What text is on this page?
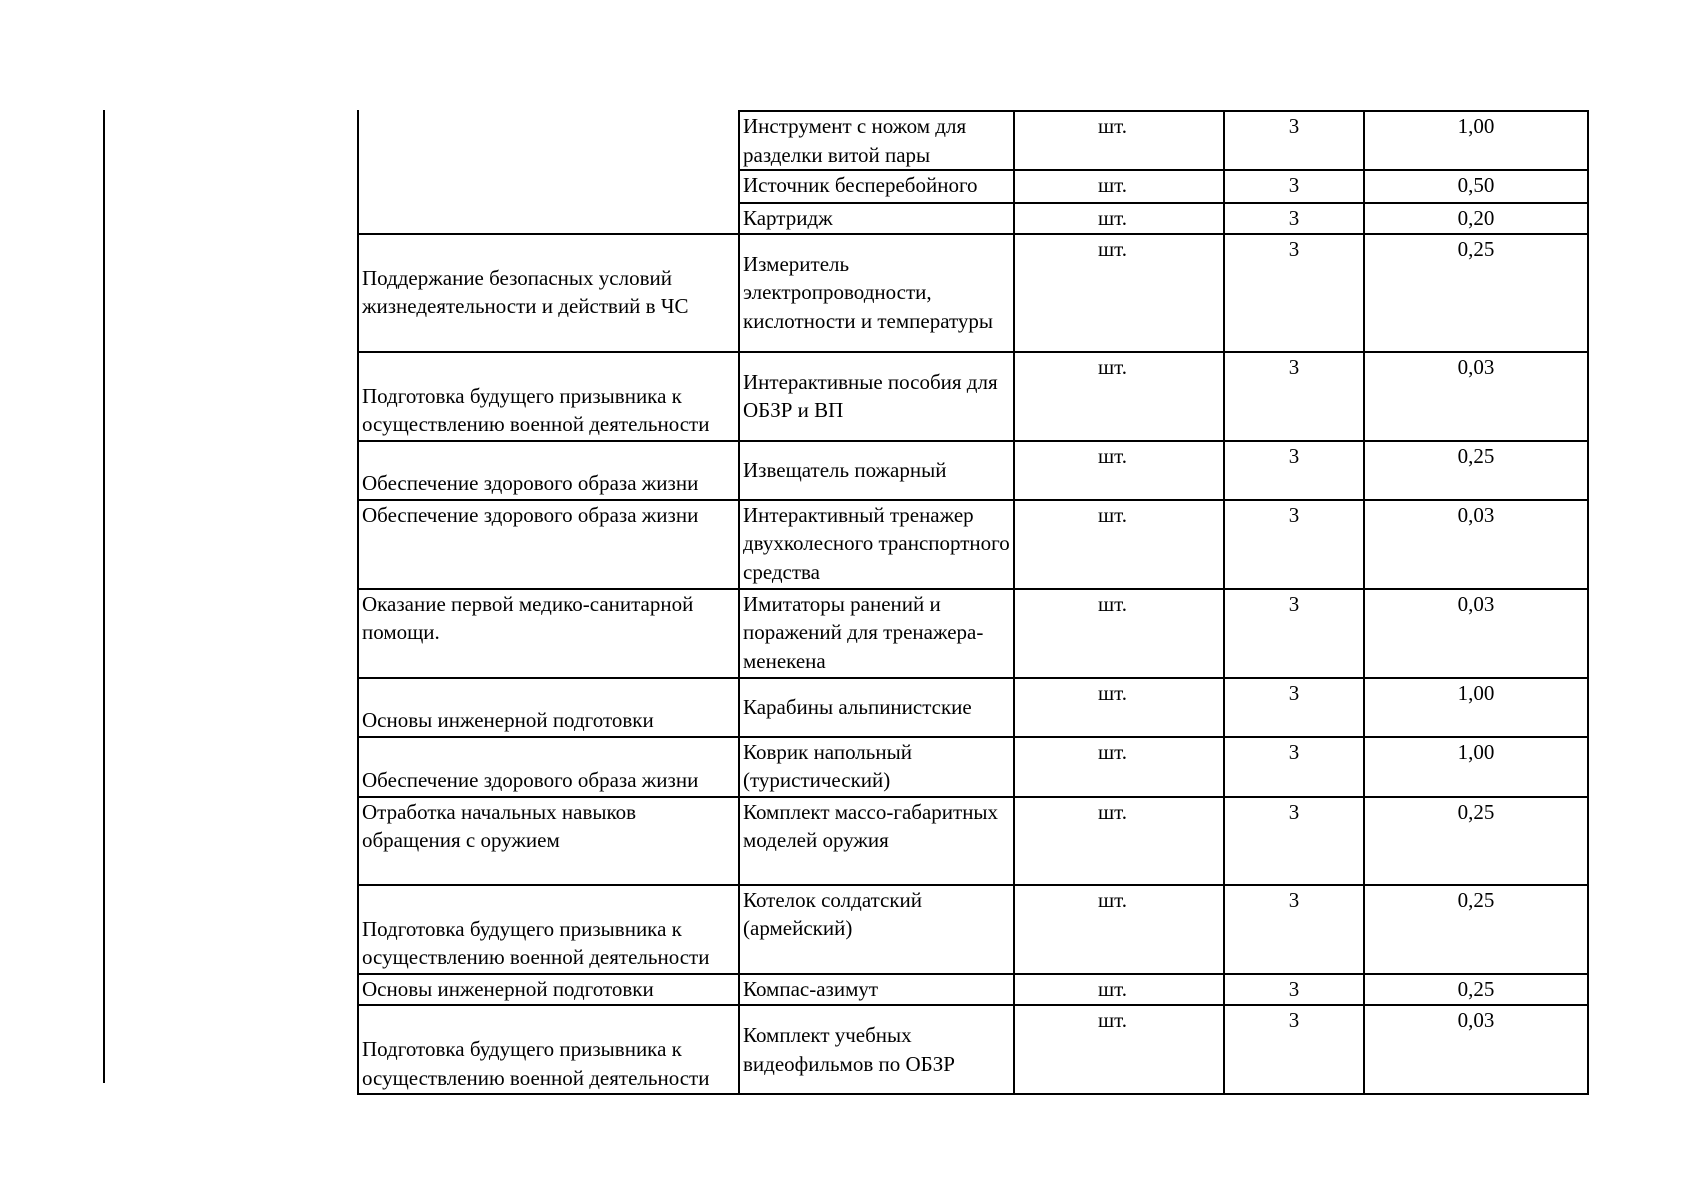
	Инструмент с ножом для разделки витой пары	шт.	3	1,00
	Источник бесперебойного	шт.	3	0,50
	Картридж	шт.	3	0,20
Поддержание безопасных условий жизнедеятельности и действий в ЧС	Измеритель электропроводности, кислотности и температуры	шт.	3	0,25
Подготовка будущего призывника к осуществлению военной деятельности	Интерактивные пособия для ОБЗР и ВП	шт.	3	0,03
Обеспечение здорового образа жизни	Извещатель пожарный	шт.	3	0,25
Обеспечение здорового образа жизни	Интерактивный тренажер двухколесного транспортного средства	шт.	3	0,03
Оказание первой медико-санитарной помощи.	Имитаторы ранений и поражений для тренажера-менекена	шт.	3	0,03
Основы инженерной подготовки	Карабины альпинистские	шт.	3	1,00
Обеспечение здорового образа жизни	Коврик напольный (туристический)	шт.	3	1,00
Отработка начальных навыков обращения с оружием	Комплект массо-габаритных моделей оружия	шт.	3	0,25
Подготовка будущего призывника к осуществлению военной деятельности	Котелок солдатский (армейский)	шт.	3	0,25
Основы инженерной подготовки	Компас-азимут	шт.	3	0,25
Подготовка будущего призывника к осуществлению военной деятельности	Комплект учебных видеофильмов по ОБЗР	шт.	3	0,03
